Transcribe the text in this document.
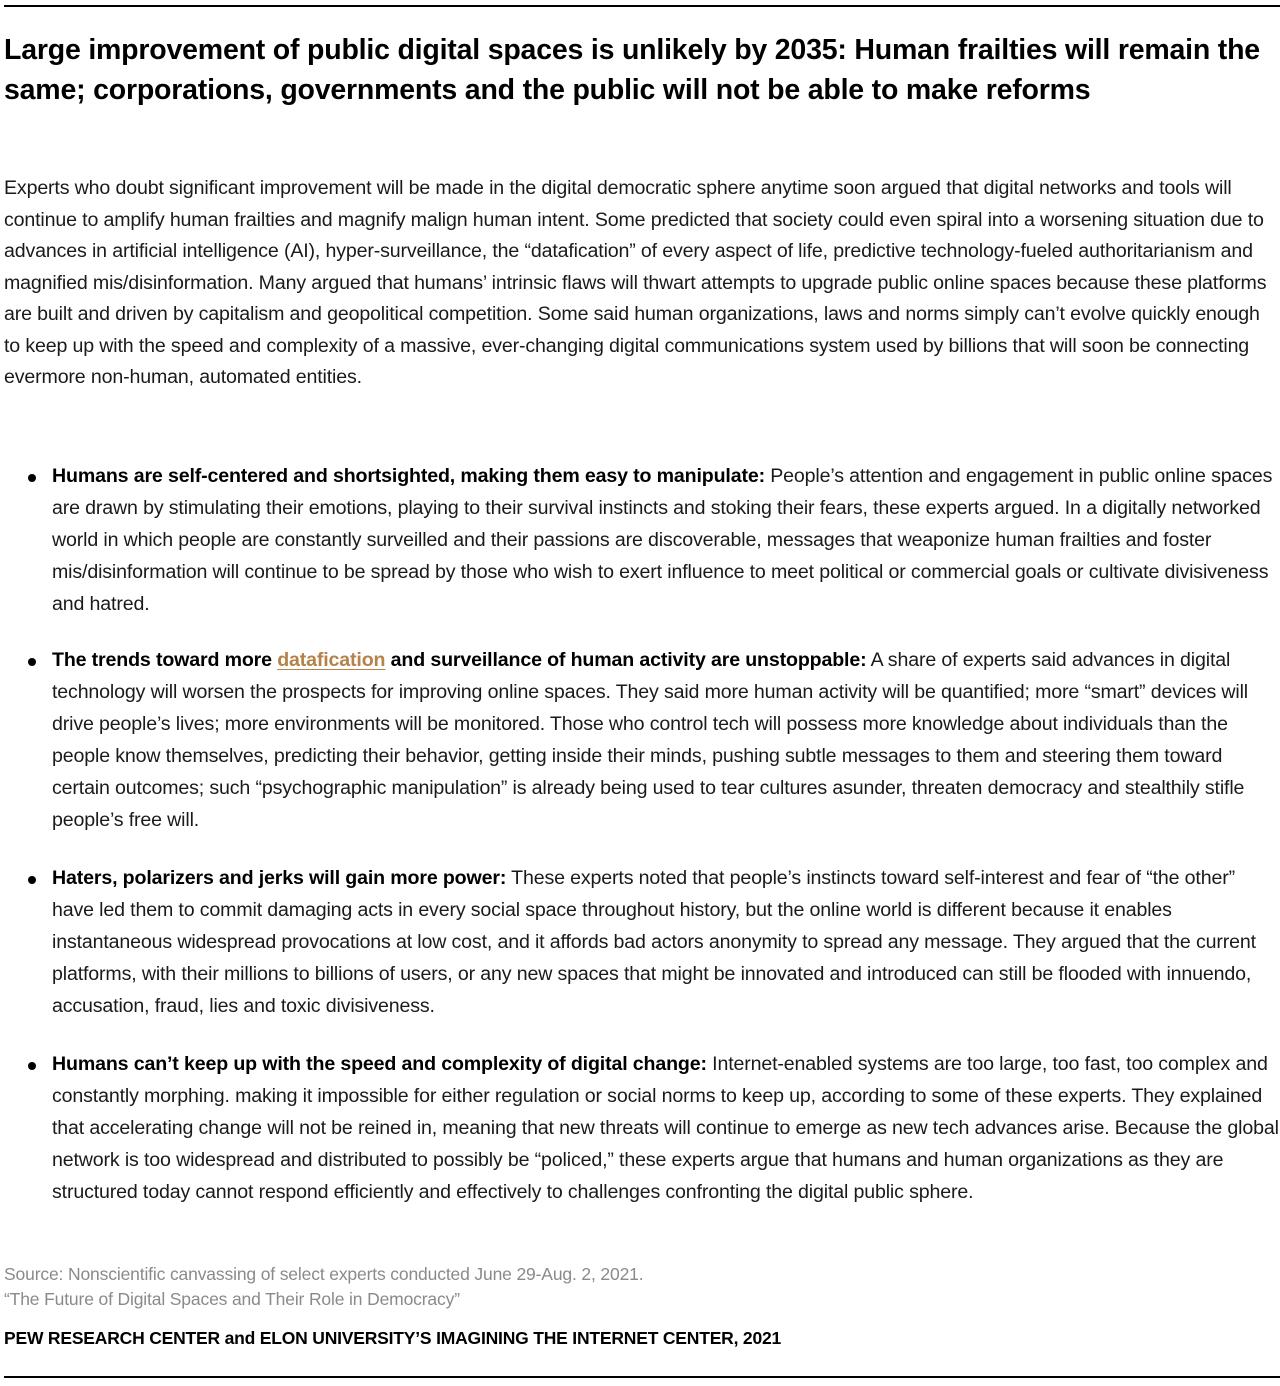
Large improvement of public digital spaces is unlikely by 2035: Human frailties will remain the same; corporations, governments and the public will not be able to make reforms

Experts who doubt significant improvement will be made in the digital democratic sphere anytime soon argued that digital networks and tools will continue to amplify human frailties and magnify malign human intent. Some predicted that society could even spiral into a worsening situation due to advances in artificial intelligence (AI), hyper-surveillance, the “datafication” of every aspect of life, predictive technology-fueled authoritarianism and magnified mis/disinformation. Many argued that humans’ intrinsic flaws will thwart attempts to upgrade public online spaces because these platforms are built and driven by capitalism and geopolitical competition. Some said human organizations, laws and norms simply can’t evolve quickly enough to keep up with the speed and complexity of a massive, ever-changing digital communications system used by billions that will soon be connecting evermore non-human, automated entities.

Humans are self-centered and shortsighted, making them easy to manipulate: People’s attention and engagement in public online spaces are drawn by stimulating their emotions, playing to their survival instincts and stoking their fears, these experts argued. In a digitally networked world in which people are constantly surveilled and their passions are discoverable, messages that weaponize human frailties and foster mis/disinformation will continue to be spread by those who wish to exert influence to meet political or commercial goals or cultivate divisiveness and hatred.
The trends toward more datafication and surveillance of human activity are unstoppable: A share of experts said advances in digital technology will worsen the prospects for improving online spaces. They said more human activity will be quantified; more “smart” devices will drive people’s lives; more environments will be monitored. Those who control tech will possess more knowledge about individuals than the people know themselves, predicting their behavior, getting inside their minds, pushing subtle messages to them and steering them toward certain outcomes; such “psychographic manipulation” is already being used to tear cultures asunder, threaten democracy and stealthily stifle people’s free will.
Haters, polarizers and jerks will gain more power: These experts noted that people’s instincts toward self-interest and fear of “the other” have led them to commit damaging acts in every social space throughout history, but the online world is different because it enables instantaneous widespread provocations at low cost, and it affords bad actors anonymity to spread any message. They argued that the current platforms, with their millions to billions of users, or any new spaces that might be innovated and introduced can still be flooded with innuendo, accusation, fraud, lies and toxic divisiveness.
Humans can’t keep up with the speed and complexity of digital change: Internet-enabled systems are too large, too fast, too complex and constantly morphing. making it impossible for either regulation or social norms to keep up, according to some of these experts. They explained that accelerating change will not be reined in, meaning that new threats will continue to emerge as new tech advances arise. Because the global network is too widespread and distributed to possibly be “policed,” these experts argue that humans and human organizations as they are structured today cannot respond efficiently and effectively to challenges confronting the digital public sphere.
Source: Nonscientific canvassing of select experts conducted June 29-Aug. 2, 2021.
“The Future of Digital Spaces and Their Role in Democracy”
PEW RESEARCH CENTER and ELON UNIVERSITY’S IMAGINING THE INTERNET CENTER, 2021
